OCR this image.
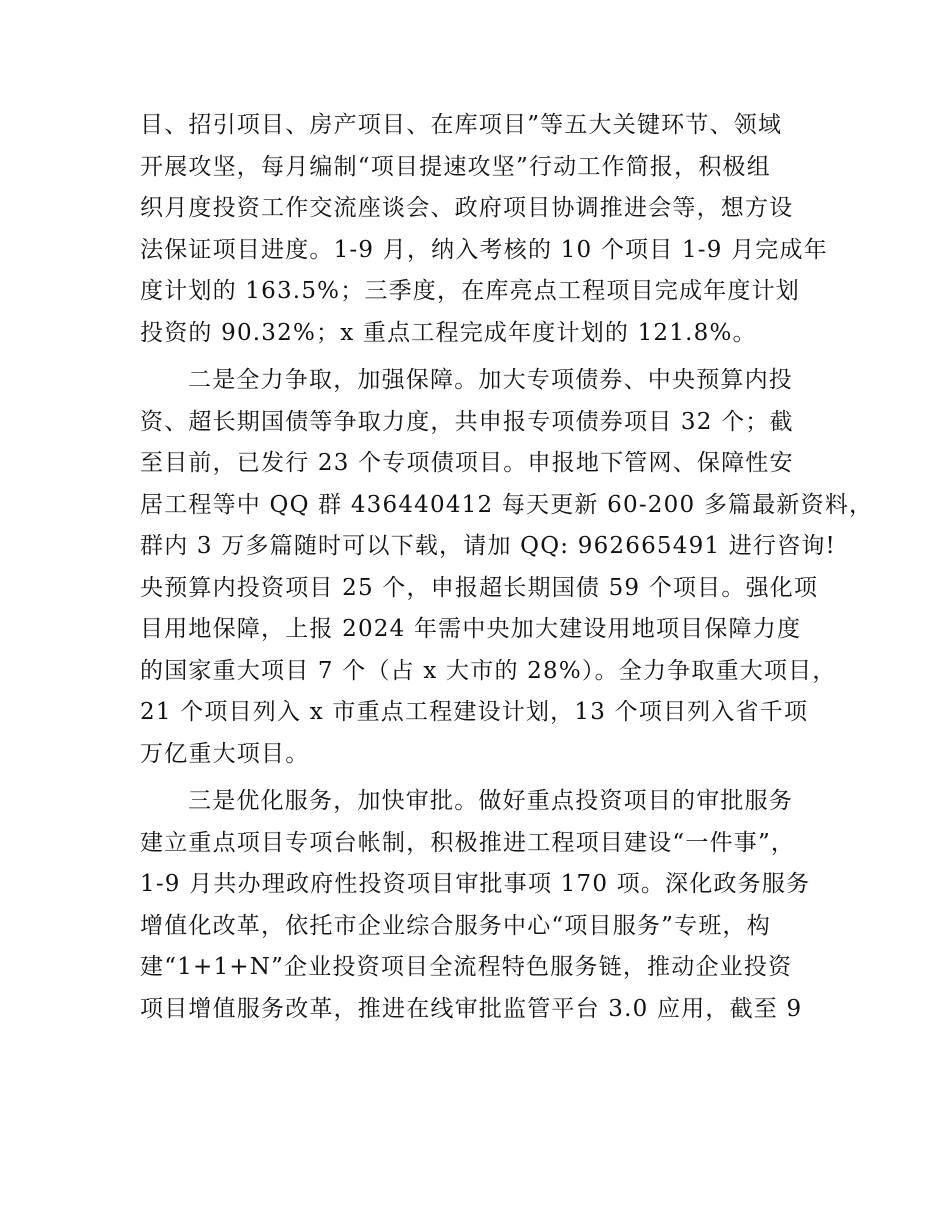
目、招引项目、房产项目、在库项目”等五大关键环节、领域
开展攻坚，每月编制“项目提速攻坚”行动工作简报，积极组
织月度投资工作交流座谈会、政府项目协调推进会等，想方设
法保证项目进度。1-9 月，纳入考核的 10 个项目 1-9 月完成年
度计划的 163.5%；三季度，在库亮点工程项目完成年度计划
投资的 90.32%；x 重点工程完成年度计划的 121.8%。
二是全力争取，加强保障。加大专项债券、中央预算内投
资、超长期国债等争取力度，共申报专项债券项目 32 个；截
至目前，已发行 23 个专项债项目。申报地下管网、保障性安
居工程等中 QQ 群 436440412 每天更新 60-200 多篇最新资料，
群内 3 万多篇随时可以下载，请加 QQ: 962665491 进行咨询!
央预算内投资项目 25 个，申报超长期国债 59 个项目。强化项
目用地保障，上报 2024 年需中央加大建设用地项目保障力度
的国家重大项目 7 个（占 x 大市的 28%）。全力争取重大项目，
21 个项目列入 x 市重点工程建设计划，13 个项目列入省千项
万亿重大项目。
三是优化服务，加快审批。做好重点投资项目的审批服务
建立重点项目专项台帐制，积极推进工程项目建设“一件事”，
1-9 月共办理政府性投资项目审批事项 170 项。深化政务服务
增值化改革，依托市企业综合服务中心“项目服务”专班，构
建“1+1+N”企业投资项目全流程特色服务链，推动企业投资
项目增值服务改革，推进在线审批监管平台 3.0 应用，截至 9
